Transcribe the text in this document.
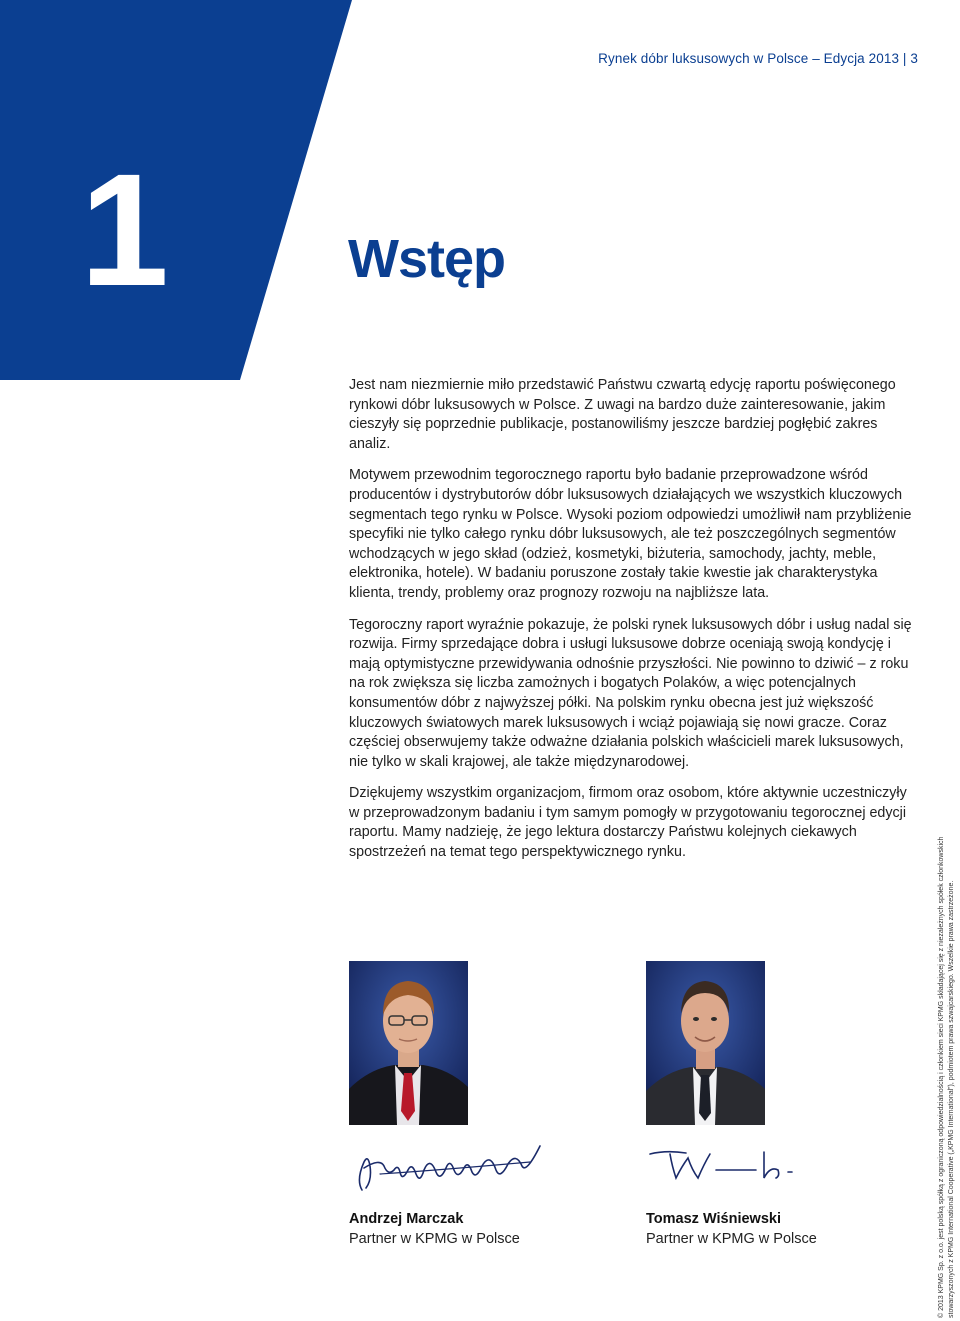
Rynek dóbr luksusowych w Polsce – Edycja 2013 | 3
1	Wstęp

Jest nam niezmiernie miło przedstawić Państwu czwartą edycję raportu poświęconego rynkowi dóbr luksusowych w Polsce. Z uwagi na bardzo duże zainteresowanie, jakim cieszyły się poprzednie publikacje, postanowiliśmy jeszcze bardziej pogłębić zakres analiz.

Motywem przewodnim tegorocznego raportu było badanie przeprowadzone wśród producentów i dystrybutorów dóbr luksusowych działających we wszystkich kluczowych segmentach tego rynku w Polsce. Wysoki poziom odpowiedzi umożliwił nam przybliżenie specyfiki nie tylko całego rynku dóbr luksusowych, ale też poszczególnych segmentów wchodzących w jego skład (odzież, kosmetyki, biżuteria, samochody, jachty, meble, elektronika, hotele). W badaniu poruszone zostały takie kwestie jak charakterystyka klienta, trendy, problemy oraz prognozy rozwoju na najbliższe lata.

Tegoroczny raport wyraźnie pokazuje, że polski rynek luksusowych dóbr i usług nadal się rozwija. Firmy sprzedające dobra i usługi luksusowe dobrze oceniają swoją kondycję i mają optymistyczne przewidywania odnośnie przyszłości. Nie powinno to dziwić – z roku na rok zwiększa się liczba zamożnych i bogatych Polaków, a więc potencjalnych konsumentów dóbr z najwyższej półki. Na polskim rynku obecna jest już większość kluczowych światowych marek luksusowych i wciąż pojawiają się nowi gracze. Coraz częściej obserwujemy także odważne działania polskich właścicieli marek luksusowych, nie tylko w skali krajowej, ale także międzynarodowej.

Dziękujemy wszystkim organizacjom, firmom oraz osobom, które aktywnie uczestniczyły w przeprowadzonym badaniu i tym samym pomogły w przygotowaniu tegorocznej edycji raportu. Mamy nadzieję, że jego lektura dostarczy Państwu kolejnych ciekawych spostrzeżeń na temat tego perspektywicznego rynku.

Andrzej Marczak
Partner w KPMG w Polsce
Tomasz Wiśniewski
Partner w KPMG w Polsce	© 2013 KPMG Sp. z o.o. jest polską spółką z ograniczoną odpowiedzialnością i członkiem sieci KPMG składającej się z niezależnych spółek członkowskich stowarzyszonych z KPMG International Cooperative („KPMG International”), podmiotem prawa szwajcarskiego. Wszelkie prawa zastrzeżone.
